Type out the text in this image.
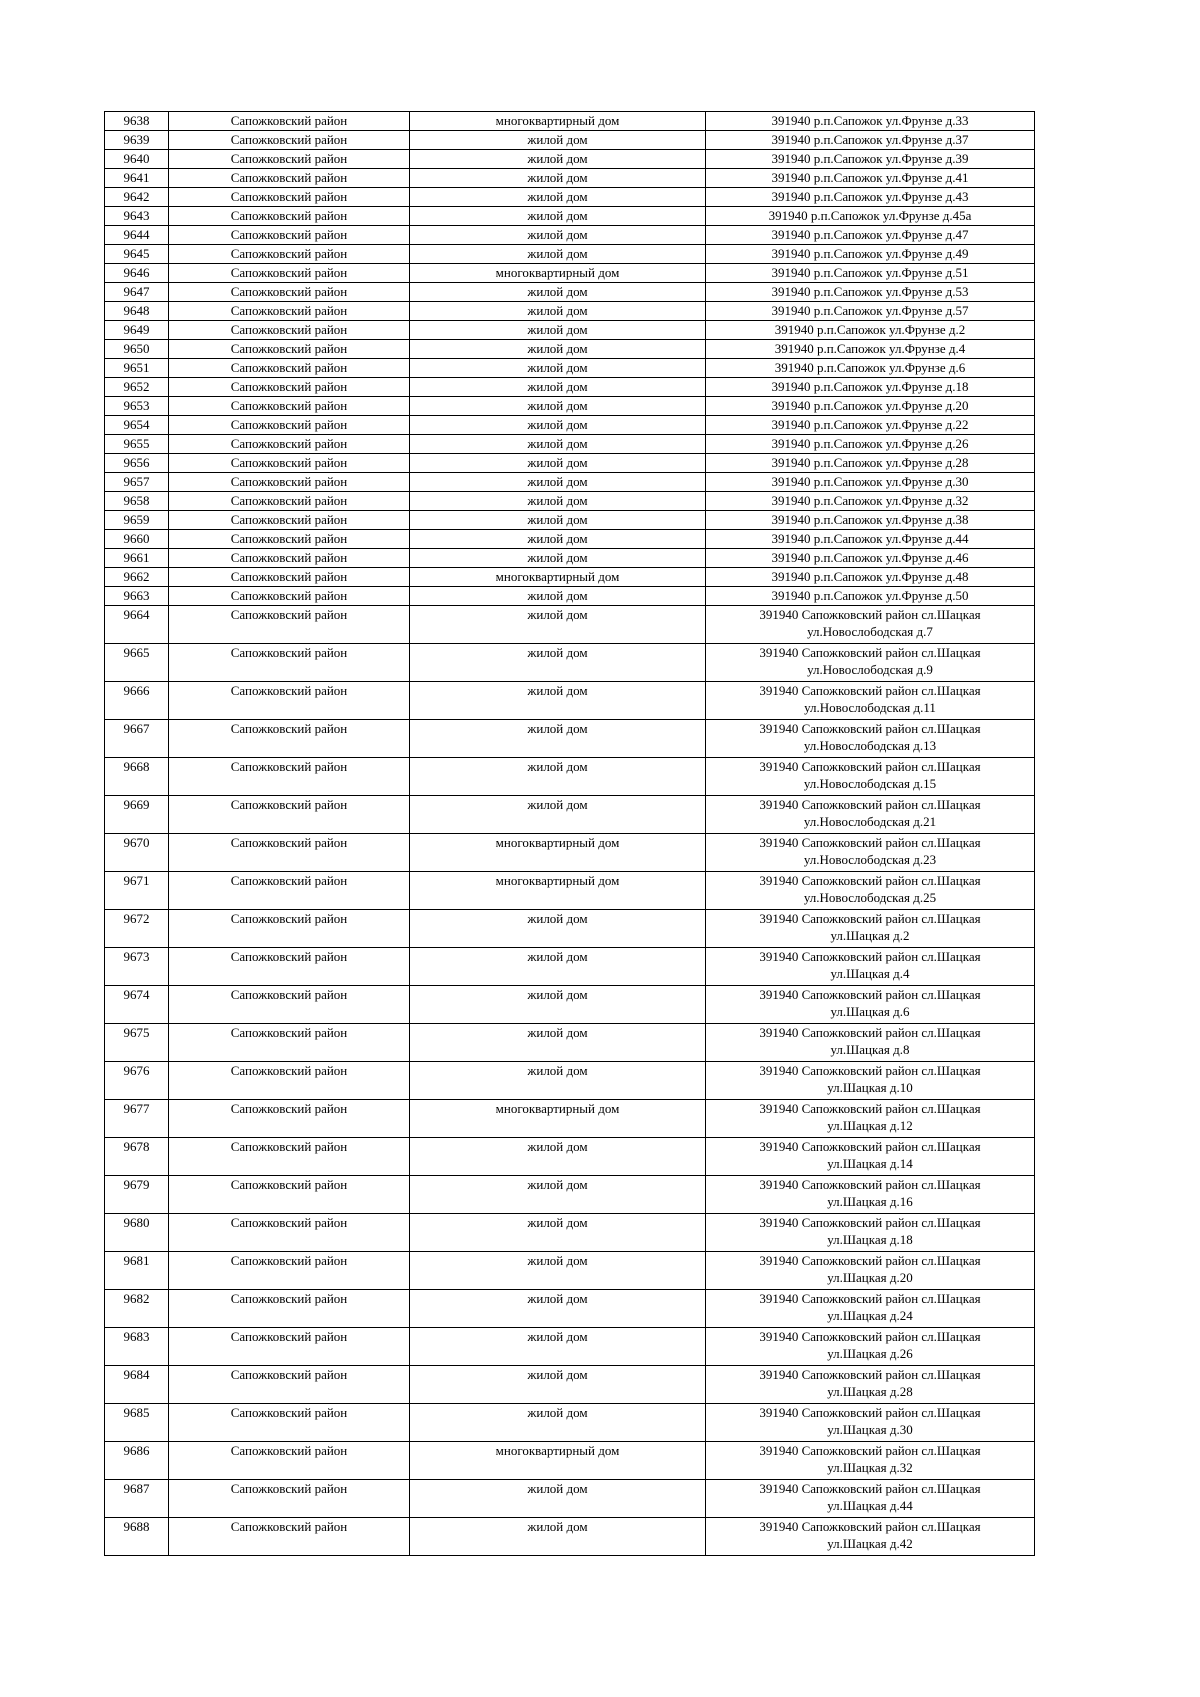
9638	Сапожковский район	многоквартирный дом	391940 р.п.Сапожок ул.Фрунзе д.33

9639	Сапожковский район	жилой дом	391940 р.п.Сапожок ул.Фрунзе д.37

9640	Сапожковский район	жилой дом	391940 р.п.Сапожок ул.Фрунзе д.39

9641	Сапожковский район	жилой дом	391940 р.п.Сапожок ул.Фрунзе д.41

9642	Сапожковский район	жилой дом	391940 р.п.Сапожок ул.Фрунзе д.43

9643	Сапожковский район	жилой дом	391940 р.п.Сапожок ул.Фрунзе д.45а

9644	Сапожковский район	жилой дом	391940 р.п.Сапожок ул.Фрунзе д.47

9645	Сапожковский район	жилой дом	391940 р.п.Сапожок ул.Фрунзе д.49

9646	Сапожковский район	многоквартирный дом	391940 р.п.Сапожок ул.Фрунзе д.51

9647	Сапожковский район	жилой дом	391940 р.п.Сапожок ул.Фрунзе д.53

9648	Сапожковский район	жилой дом	391940 р.п.Сапожок ул.Фрунзе д.57

9649	Сапожковский район	жилой дом	391940 р.п.Сапожок ул.Фрунзе д.2

9650	Сапожковский район	жилой дом	391940 р.п.Сапожок ул.Фрунзе д.4

9651	Сапожковский район	жилой дом	391940 р.п.Сапожок ул.Фрунзе д.6

9652	Сапожковский район	жилой дом	391940 р.п.Сапожок ул.Фрунзе д.18

9653	Сапожковский район	жилой дом	391940 р.п.Сапожок ул.Фрунзе д.20

9654	Сапожковский район	жилой дом	391940 р.п.Сапожок ул.Фрунзе д.22

9655	Сапожковский район	жилой дом	391940 р.п.Сапожок ул.Фрунзе д.26

9656	Сапожковский район	жилой дом	391940 р.п.Сапожок ул.Фрунзе д.28

9657	Сапожковский район	жилой дом	391940 р.п.Сапожок ул.Фрунзе д.30

9658	Сапожковский район	жилой дом	391940 р.п.Сапожок ул.Фрунзе д.32

9659	Сапожковский район	жилой дом	391940 р.п.Сапожок ул.Фрунзе д.38

9660	Сапожковский район	жилой дом	391940 р.п.Сапожок ул.Фрунзе д.44

9661	Сапожковский район	жилой дом	391940 р.п.Сапожок ул.Фрунзе д.46

9662	Сапожковский район	многоквартирный дом	391940 р.п.Сапожок ул.Фрунзе д.48

9663	Сапожковский район	жилой дом	391940 р.п.Сапожок ул.Фрунзе д.50

9664	Сапожковский район	жилой дом	391940 Сапожковский район сл.Шацкая
ул.Новослободская д.7

9665	Сапожковский район	жилой дом	391940 Сапожковский район сл.Шацкая
ул.Новослободская д.9

9666	Сапожковский район	жилой дом	391940 Сапожковский район сл.Шацкая
ул.Новослободская д.11

9667	Сапожковский район	жилой дом	391940 Сапожковский район сл.Шацкая
ул.Новослободская д.13

9668	Сапожковский район	жилой дом	391940 Сапожковский район сл.Шацкая
ул.Новослободская д.15

9669	Сапожковский район	жилой дом	391940 Сапожковский район сл.Шацкая
ул.Новослободская д.21

9670	Сапожковский район	многоквартирный дом	391940 Сапожковский район сл.Шацкая
ул.Новослободская д.23

9671	Сапожковский район	многоквартирный дом	391940 Сапожковский район сл.Шацкая
ул.Новослободская д.25

9672	Сапожковский район	жилой дом	391940 Сапожковский район сл.Шацкая
ул.Шацкая д.2

9673	Сапожковский район	жилой дом	391940 Сапожковский район сл.Шацкая
ул.Шацкая д.4

9674	Сапожковский район	жилой дом	391940 Сапожковский район сл.Шацкая
ул.Шацкая д.6

9675	Сапожковский район	жилой дом	391940 Сапожковский район сл.Шацкая
ул.Шацкая д.8

9676	Сапожковский район	жилой дом	391940 Сапожковский район сл.Шацкая
ул.Шацкая д.10

9677	Сапожковский район	многоквартирный дом	391940 Сапожковский район сл.Шацкая
ул.Шацкая д.12

9678	Сапожковский район	жилой дом	391940 Сапожковский район сл.Шацкая
ул.Шацкая д.14

9679	Сапожковский район	жилой дом	391940 Сапожковский район сл.Шацкая
ул.Шацкая д.16

9680	Сапожковский район	жилой дом	391940 Сапожковский район сл.Шацкая
ул.Шацкая д.18

9681	Сапожковский район	жилой дом	391940 Сапожковский район сл.Шацкая
ул.Шацкая д.20

9682	Сапожковский район	жилой дом	391940 Сапожковский район сл.Шацкая
ул.Шацкая д.24

9683	Сапожковский район	жилой дом	391940 Сапожковский район сл.Шацкая
ул.Шацкая д.26

9684	Сапожковский район	жилой дом	391940 Сапожковский район сл.Шацкая
ул.Шацкая д.28

9685	Сапожковский район	жилой дом	391940 Сапожковский район сл.Шацкая
ул.Шацкая д.30

9686	Сапожковский район	многоквартирный дом	391940 Сапожковский район сл.Шацкая
ул.Шацкая д.32

9687	Сапожковский район	жилой дом	391940 Сапожковский район сл.Шацкая
ул.Шацкая д.44

9688	Сапожковский район	жилой дом	391940 Сапожковский район сл.Шацкая
ул.Шацкая д.42
